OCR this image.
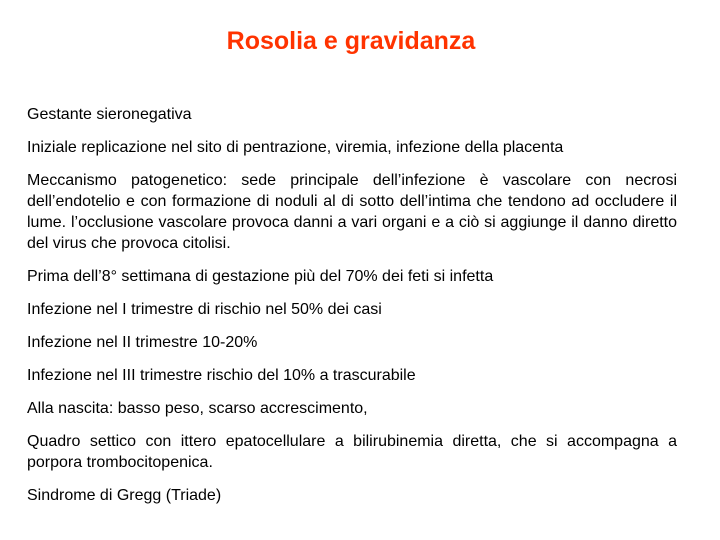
Rosolia e gravidanza

Gestante sieronegativa

Iniziale replicazione nel sito di pentrazione, viremia, infezione della placenta

Meccanismo patogenetico: sede principale dell’infezione è vascolare con necrosi dell’endotelio e con formazione di noduli al di sotto dell’intima che tendono ad occludere il lume. l’occlusione vascolare provoca danni a vari organi e a ciò si aggiunge il danno diretto del virus che provoca citolisi.

Prima dell’8° settimana di gestazione più del 70% dei feti si infetta

Infezione nel I trimestre di rischio nel 50% dei casi

Infezione nel II trimestre 10-20%

Infezione nel III trimestre rischio del 10% a trascurabile

Alla nascita: basso peso, scarso accrescimento,

Quadro settico con ittero epatocellulare a bilirubinemia diretta, che si accompagna a porpora trombocitopenica.

Sindrome di Gregg (Triade)
